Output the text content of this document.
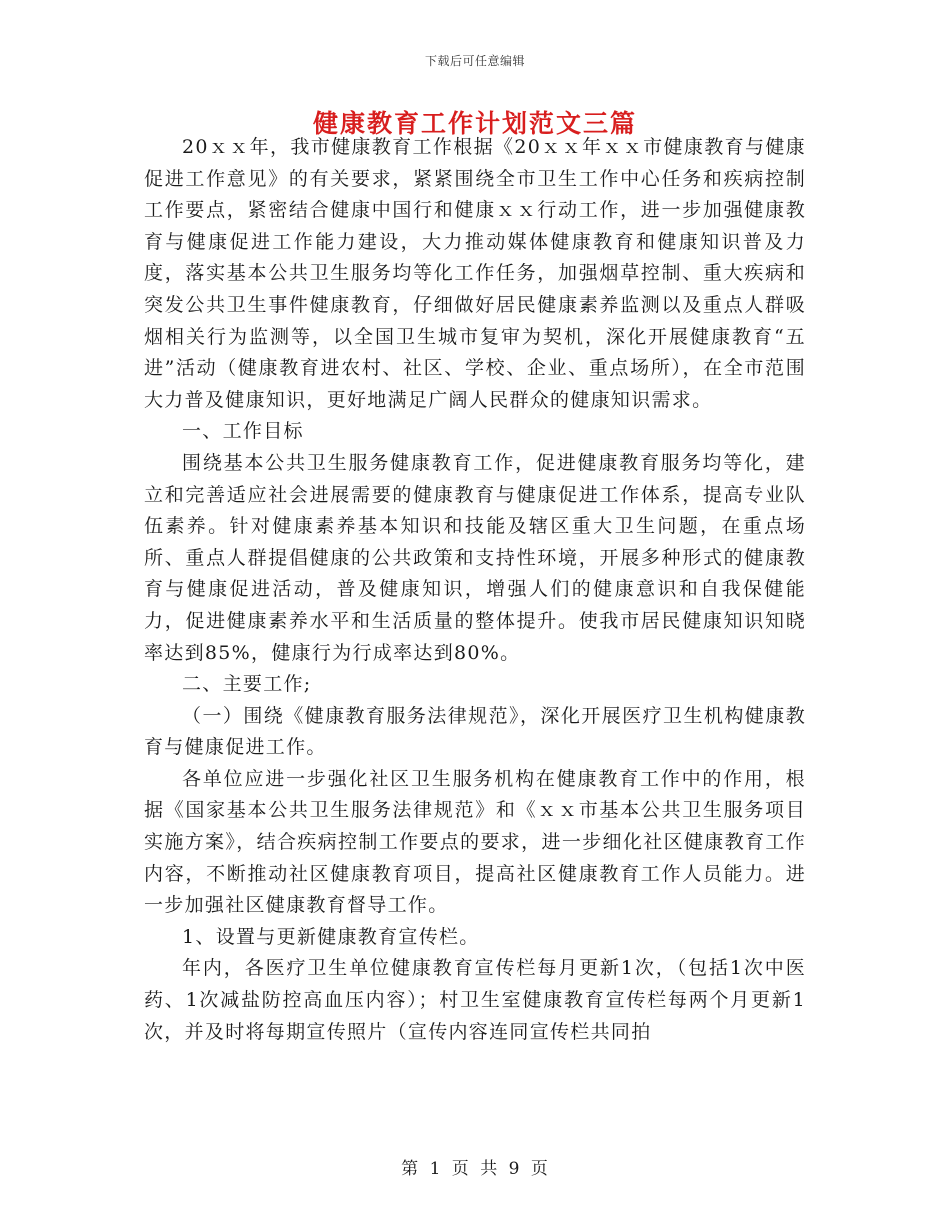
下载后可任意编辑
健康教育工作计划范文三篇

20ｘｘ年，我市健康教育工作根据《20ｘｘ年ｘｘ市健康教育与健康促进工作意见》的有关要求，紧紧围绕全市卫生工作中心任务和疾病控制工作要点，紧密结合健康中国行和健康ｘｘ行动工作，进一步加强健康教育与健康促进工作能力建设，大力推动媒体健康教育和健康知识普及力度，落实基本公共卫生服务均等化工作任务，加强烟草控制、重大疾病和突发公共卫生事件健康教育，仔细做好居民健康素养监测以及重点人群吸烟相关行为监测等，以全国卫生城市复审为契机，深化开展健康教育“五进”活动（健康教育进农村、社区、学校、企业、重点场所），在全市范围大力普及健康知识，更好地满足广阔人民群众的健康知识需求。

一、工作目标

围绕基本公共卫生服务健康教育工作，促进健康教育服务均等化，建立和完善适应社会进展需要的健康教育与健康促进工作体系，提高专业队伍素养。针对健康素养基本知识和技能及辖区重大卫生问题，在重点场所、重点人群提倡健康的公共政策和支持性环境，开展多种形式的健康教育与健康促进活动，普及健康知识，增强人们的健康意识和自我保健能力，促进健康素养水平和生活质量的整体提升。使我市居民健康知识知晓率达到85%，健康行为行成率达到80%。

二、主要工作;

（一）围绕《健康教育服务法律规范》，深化开展医疗卫生机构健康教育与健康促进工作。

各单位应进一步强化社区卫生服务机构在健康教育工作中的作用，根据《国家基本公共卫生服务法律规范》和《ｘｘ市基本公共卫生服务项目实施方案》，结合疾病控制工作要点的要求，进一步细化社区健康教育工作内容，不断推动社区健康教育项目，提高社区健康教育工作人员能力。进一步加强社区健康教育督导工作。

1、设置与更新健康教育宣传栏。

年内，各医疗卫生单位健康教育宣传栏每月更新1次，（包括1次中医药、1次减盐防控高血压内容）；村卫生室健康教育宣传栏每两个月更新1次，并及时将每期宣传照片（宣传内容连同宣传栏共同拍

第 1 页 共 9 页
